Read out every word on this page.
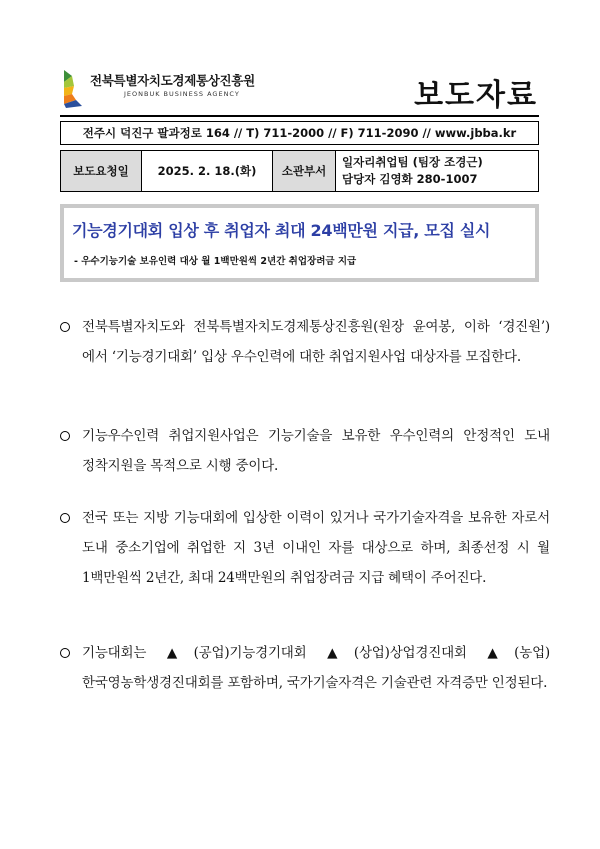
전북특별자치도경제통상진흥원
JEONBUK BUSINESS AGENCY	보도자료
전주시 덕진구 팔과정로 164 // T) 711-2000 // F) 711-2090 // www.jbba.kr
보도요청일	2025. 2. 18.(화)	소관부서	
일자리취업팀 (팀장 조경근)
담당자 김영화 280-1007
기능경기대회 입상 후 취업자 최대 24백만원 지급, 모집 실시
- 우수기능기술 보유인력 대상 월 1백만원씩 2년간 취업장려금 지급
전북특별자치도와 전북특별자치도경제통상진흥원(원장 윤여봉, 이하 ‘경진원’)에서 ‘기능경기대회’ 입상 우수인력에 대한 취업지원사업 대상자를 모집한다.
기능우수인력 취업지원사업은 기능기술을 보유한 우수인력의 안정적인 도내 정착지원을 목적으로 시행 중이다.
전국 또는 지방 기능대회에 입상한 이력이 있거나 국가기술자격을 보유한 자로서 도내 중소기업에 취업한 지 3년 이내인 자를 대상으로 하며, 최종선정 시 월 1백만원씩 2년간, 최대 24백만원의 취업장려금 지급 혜택이 주어진다.
기능대회는 ▲(공업)기능경기대회 ▲(상업)상업경진대회 ▲(농업)한국영농학생경진대회를 포함하며, 국가기술자격은 기술관련 자격증만 인정된다.
